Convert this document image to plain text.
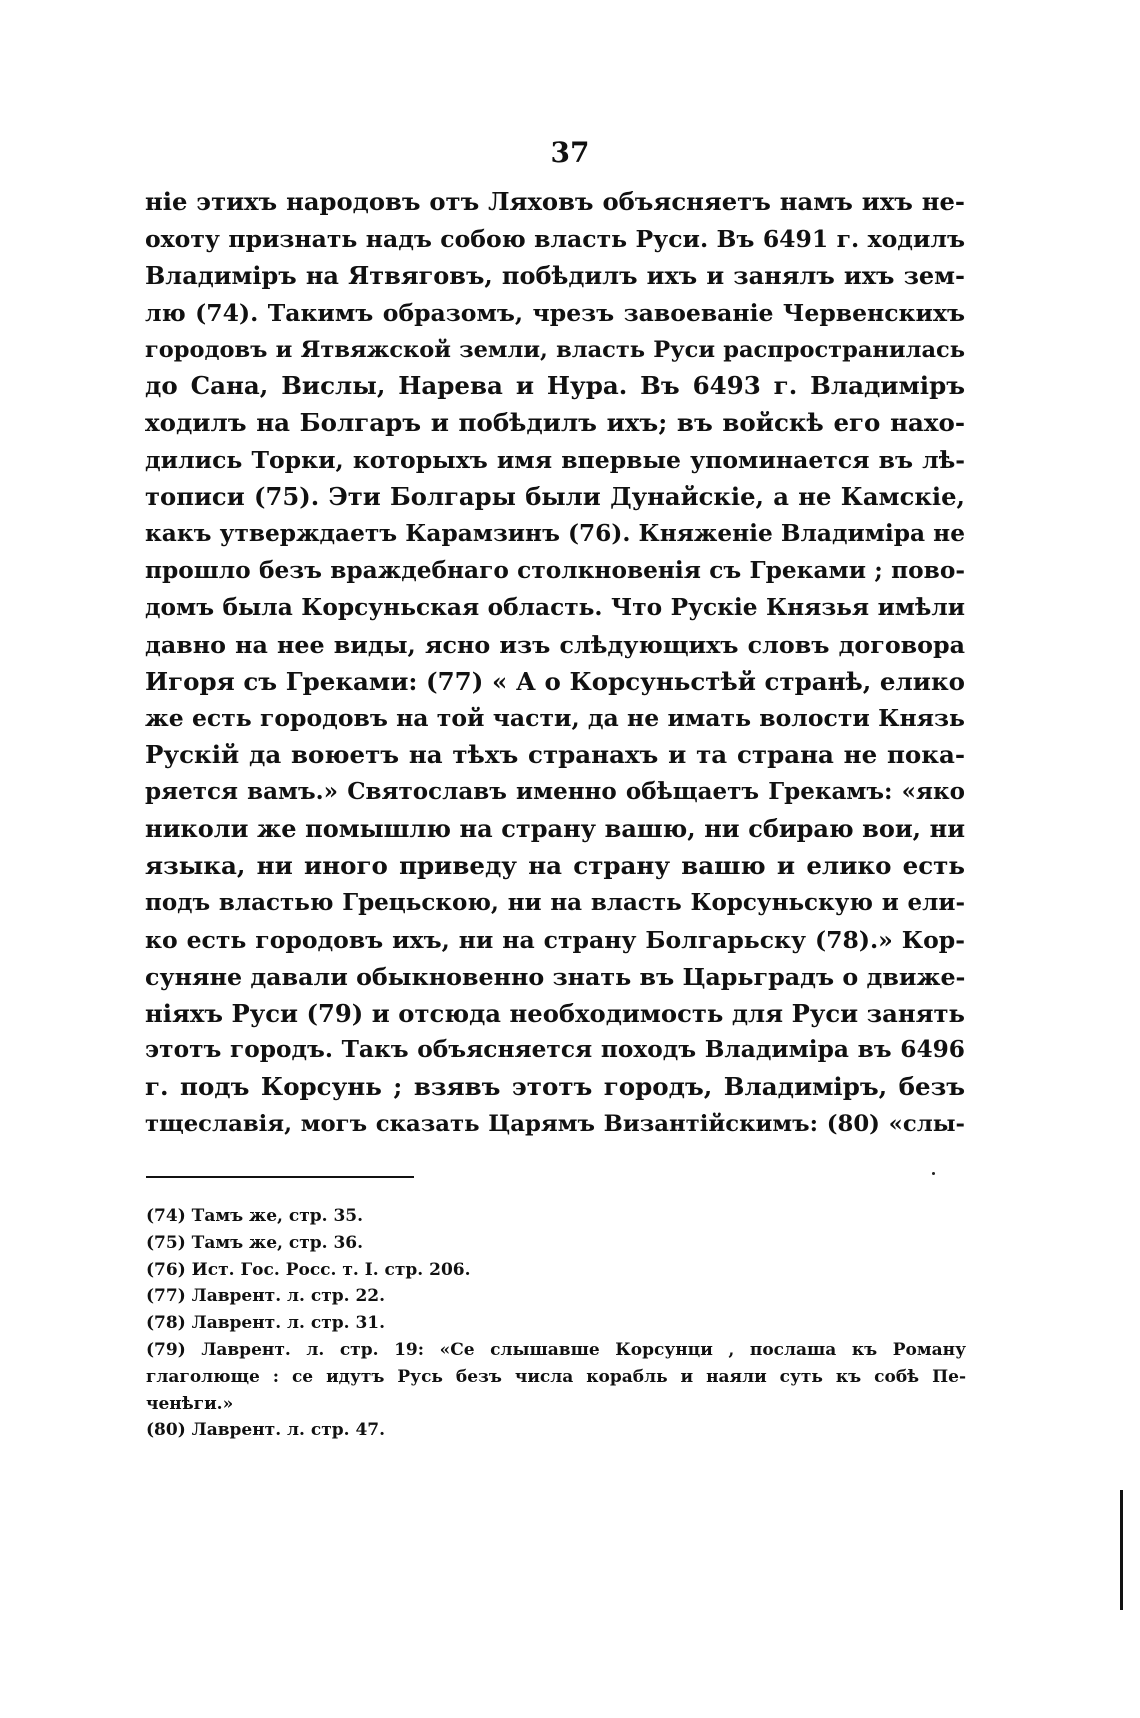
37
ніе этихъ народовъ отъ Ляховъ объясняетъ намъ ихъ не-
охоту признать надъ собою власть Руси. Въ 6491 г. ходилъ
Владиміръ на Ятвяговъ, побѣдилъ ихъ и занялъ ихъ зем-
лю (74). Такимъ образомъ, чрезъ завоеваніе Червенскихъ
городовъ и Ятвяжской земли, власть Руси распространилась
до Сана, Вислы, Нарева и Нура. Въ 6493 г. Владиміръ
ходилъ на Болгаръ и побѣдилъ ихъ; въ войскѣ его нахо-
дились Торки, которыхъ имя впервые упоминается въ лѣ-
тописи (75). Эти Болгары были Дунайскіе, а не Камскіе,
какъ утверждаетъ Карамзинъ (76). Княженіе Владиміра не
прошло безъ враждебнаго столкновенія съ Греками ; пово-
домъ была Корсуньская область. Что Рускіе Князья имѣли
давно на нее виды, ясно изъ слѣдующихъ словъ договора
Игоря съ Греками: (77) « А о Корсуньстѣй странѣ, елико
же есть городовъ на той части, да не имать волости Князь
Рускій да воюетъ на тѣхъ странахъ и та страна не пока-
ряется вамъ.» Святославъ именно обѣщаетъ Грекамъ: «яко
николи же помышлю на страну вашю, ни сбираю вои, ни
языка, ни иного приведу на страну вашю и елико есть
подъ властью Грецьскою, ни на власть Корсуньскую и ели-
ко есть городовъ ихъ, ни на страну Болгарьску (78).» Кор-
суняне давали обыкновенно знать въ Царьградъ о движе-
ніяхъ Руси (79) и отсюда необходимость для Руси занять
этотъ городъ. Такъ объясняется походъ Владиміра въ 6496
г. подъ Корсунь ; взявъ этотъ городъ, Владиміръ, безъ
тщеславія, могъ сказать Царямъ Византійскимъ: (80) «слы-
(74) Тамъ же, стр. 35.
(75) Тамъ же, стр. 36.
(76) Ист. Гос. Росс. т. I. стр. 206.
(77) Лаврент. л. стр. 22.
(78) Лаврент. л. стр. 31.
(79) Лаврент. л. стр. 19: «Се слышавше Корсунци , послаша къ Роману
глаголюще : се идутъ Русь безъ числа корабль и наяли суть къ собѣ Пе-
ченѣги.»
(80) Лаврент. л. стр. 47.
